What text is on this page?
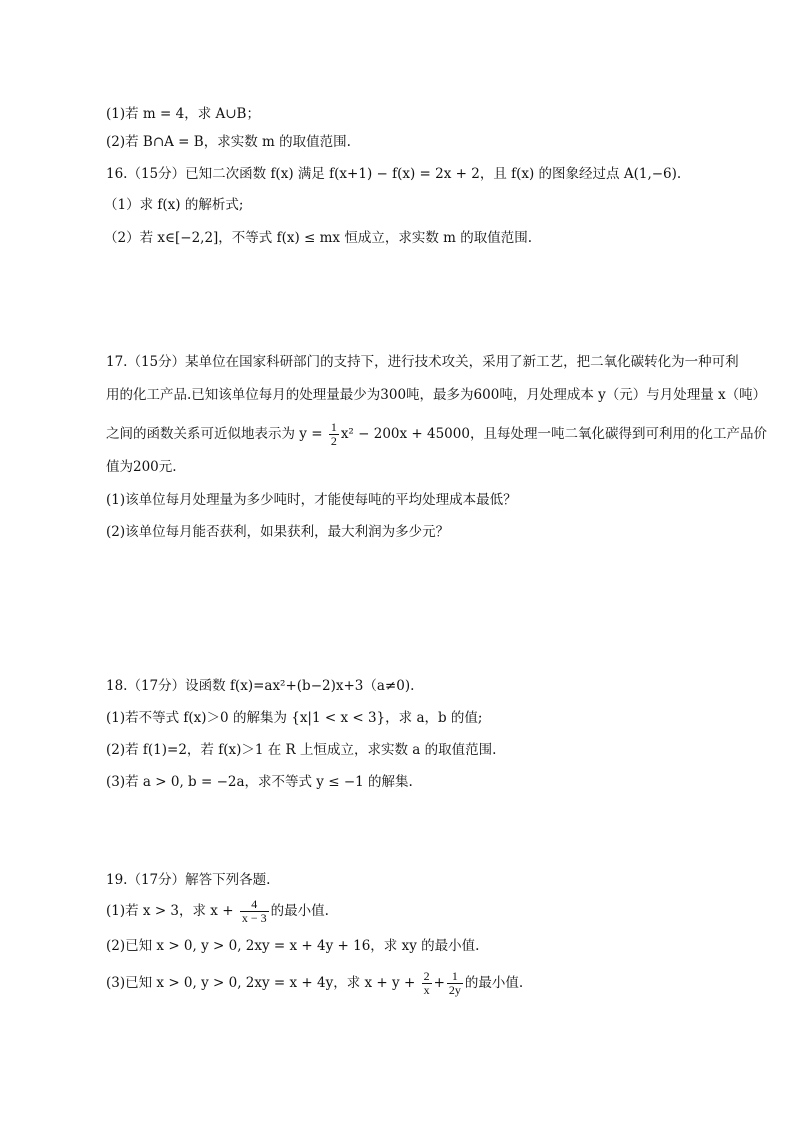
(1)若 m = 4，求 A∪B；
(2)若 B∩A = B，求实数 m 的取值范围.
16.（15分）已知二次函数 f(x) 满足 f(x+1) − f(x) = 2x + 2，且 f(x) 的图象经过点 A(1,−6).
（1）求 f(x) 的解析式;
（2）若 x∈[−2,2]，不等式 f(x) ≤ mx 恒成立，求实数 m 的取值范围.
17.（15分）某单位在国家科研部门的支持下，进行技术攻关，采用了新工艺，把二氧化碳转化为一种可利
用的化工产品.已知该单位每月的处理量最少为300吨，最多为600吨，月处理成本 y（元）与月处理量 x（吨）
之间的函数关系可近似地表示为 $y = \frac{1}{2} x^2 - 200x + 45000$，且每处理一吨二氧化碳得到可利用的化工产品价
值为200元.
(1)该单位每月处理量为多少吨时，才能使每吨的平均处理成本最低？
(2)该单位每月能否获利，如果获利，最大利润为多少元？
18.（17分）设函数 f(x)=ax²+(b−2)x+3（a≠0).
(1)若不等式 f(x)＞0 的解集为 {x|1 < x < 3}，求 a，b 的值;
(2)若 f(1)=2，若 f(x)＞1 在 R 上恒成立，求实数 a 的取值范围.
(3)若 a > 0, b = −2a，求不等式 y ≤ −1 的解集.
19.（17分）解答下列各题.
(1)若 x > 3，求 $x + \frac{4}{x - 3}$ 的最小值.
(2)已知 x > 0, y > 0, 2xy = x + 4y + 16，求 xy 的最小值.
(3)已知 x > 0, y > 0, 2xy = x + 4y，求 $x + y + \frac{2}{x} + \frac{1}{2y}$ 的最小值.
